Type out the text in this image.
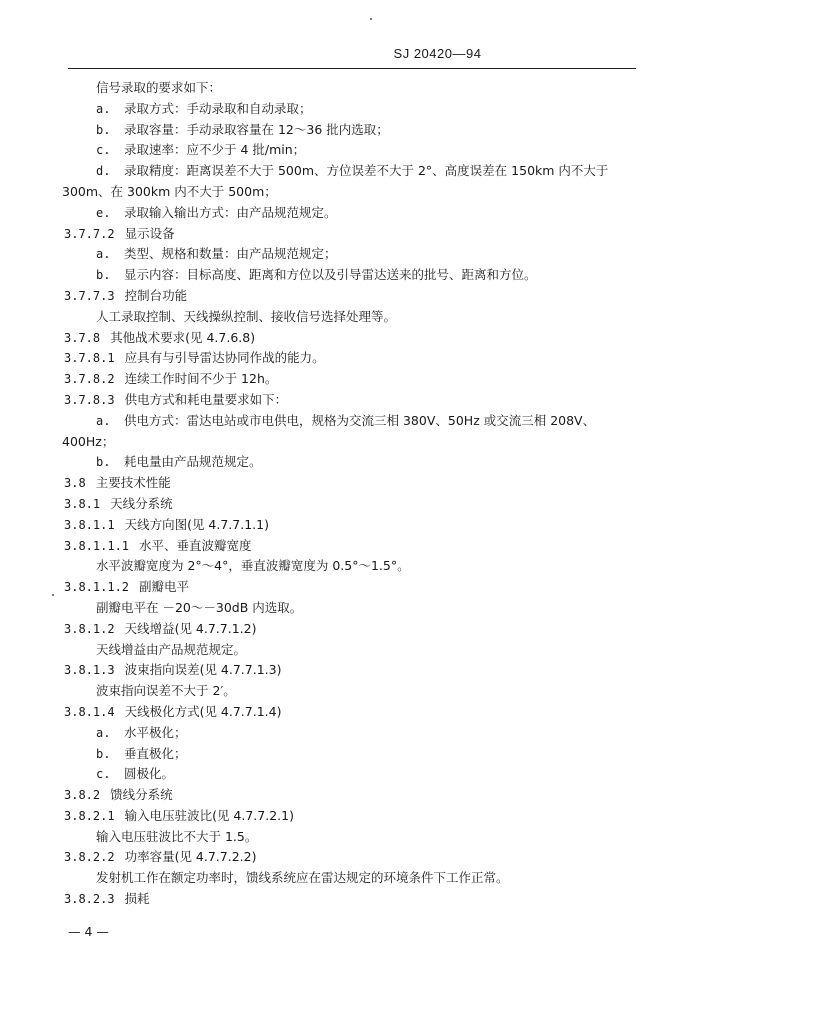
SJ 20420—94
信号录取的要求如下：
a. 录取方式：手动录取和自动录取；
b. 录取容量：手动录取容量在 12～36 批内选取；
c. 录取速率：应不少于 4 批/min；
d. 录取精度：距离误差不大于 500m、方位误差不大于 2°、高度误差在 150km 内不大于
300m、在 300km 内不大于 500m；
e. 录取输入输出方式：由产品规范规定。
3.7.7.2 显示设备
a. 类型、规格和数量：由产品规范规定；
b. 显示内容：目标高度、距离和方位以及引导雷达送来的批号、距离和方位。
3.7.7.3 控制台功能
人工录取控制、天线操纵控制、接收信号选择处理等。
3.7.8 其他战术要求(见 4.7.6.8)
3.7.8.1 应具有与引导雷达协同作战的能力。
3.7.8.2 连续工作时间不少于 12h。
3.7.8.3 供电方式和耗电量要求如下：
a. 供电方式：雷达电站或市电供电，规格为交流三相 380V、50Hz 或交流三相 208V、
400Hz；
b. 耗电量由产品规范规定。
3.8 主要技术性能
3.8.1 天线分系统
3.8.1.1 天线方向图(见 4.7.7.1.1)
3.8.1.1.1 水平、垂直波瓣宽度
水平波瓣宽度为 2°～4°，垂直波瓣宽度为 0.5°～1.5°。
3.8.1.1.2 副瓣电平
副瓣电平在 －20～－30dB 内选取。
3.8.1.2 天线增益(见 4.7.7.1.2)
天线增益由产品规范规定。
3.8.1.3 波束指向误差(见 4.7.7.1.3)
波束指向误差不大于 2′。
3.8.1.4 天线极化方式(见 4.7.7.1.4)
a. 水平极化；
b. 垂直极化；
c. 圆极化。
3.8.2 馈线分系统
3.8.2.1 输入电压驻波比(见 4.7.7.2.1)
输入电压驻波比不大于 1.5。
3.8.2.2 功率容量(见 4.7.7.2.2)
发射机工作在额定功率时，馈线系统应在雷达规定的环境条件下工作正常。
3.8.2.3 损耗
— 4 —
